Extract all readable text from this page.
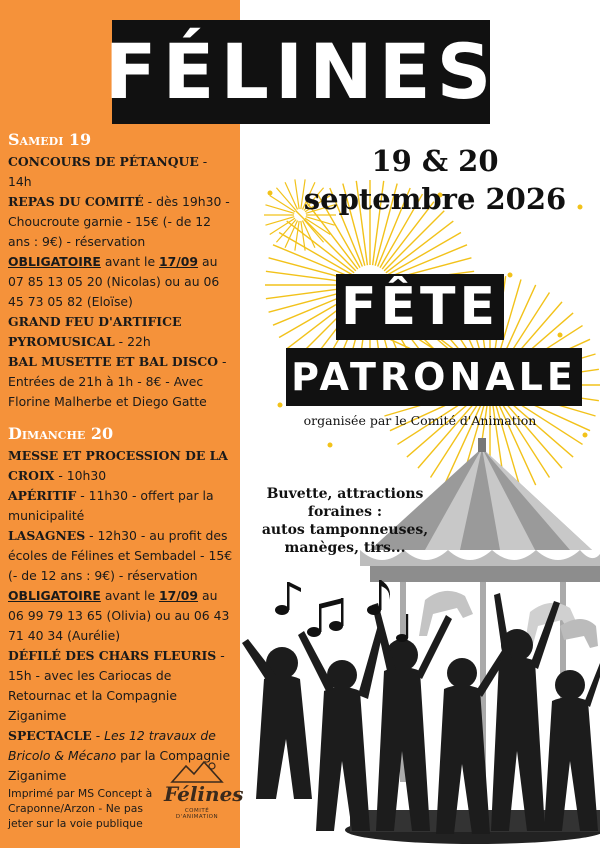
FÉLINES
Samedi 19

CONCOURS DE PÉTANQUE - 14h

REPAS DU COMITÉ - dès 19h30 - Choucroute garnie - 15€ (- de 12 ans : 9€) - réservation

OBLIGATOIRE avant le 17/09 au 07 85 13 05 20 (Nicolas) ou au 06 45 73 05 82 (Eloïse)

GRAND FEU D'ARTIFICE PYROMUSICAL - 22h

BAL MUSETTE ET BAL DISCO - Entrées de 21h à 1h - 8€ - Avec Florine Malherbe et Diego Gatte

Dimanche 20

MESSE ET PROCESSION DE LA CROIX - 10h30

APÉRITIF - 11h30 - offert par la municipalité

LASAGNES - 12h30 - au profit des écoles de Félines et Sembadel - 15€ (- de 12 ans : 9€) - réservation

OBLIGATOIRE avant le 17/09 au 06 99 79 13 65 (Olivia) ou au 06 43 71 40 34 (Aurélie)

DÉFILÉ DES CHARS FLEURIS - 15h - avec les Cariocas de Retournac et la Compagnie Ziganime

SPECTACLE - Les 12 travaux de Bricolo & Mécano par la Compagnie Ziganime

19 & 20
septembre 2026
FÊTE
PATRONALE
organisée par le Comité d'Animation
Buvette, attractions foraines :
autos tamponneuses,
manèges, tirs...
Imprimé par MS Concept à Craponne/Arzon - Ne pas jeter sur la voie publique
Félines
COMITÉ D'ANIMATION
